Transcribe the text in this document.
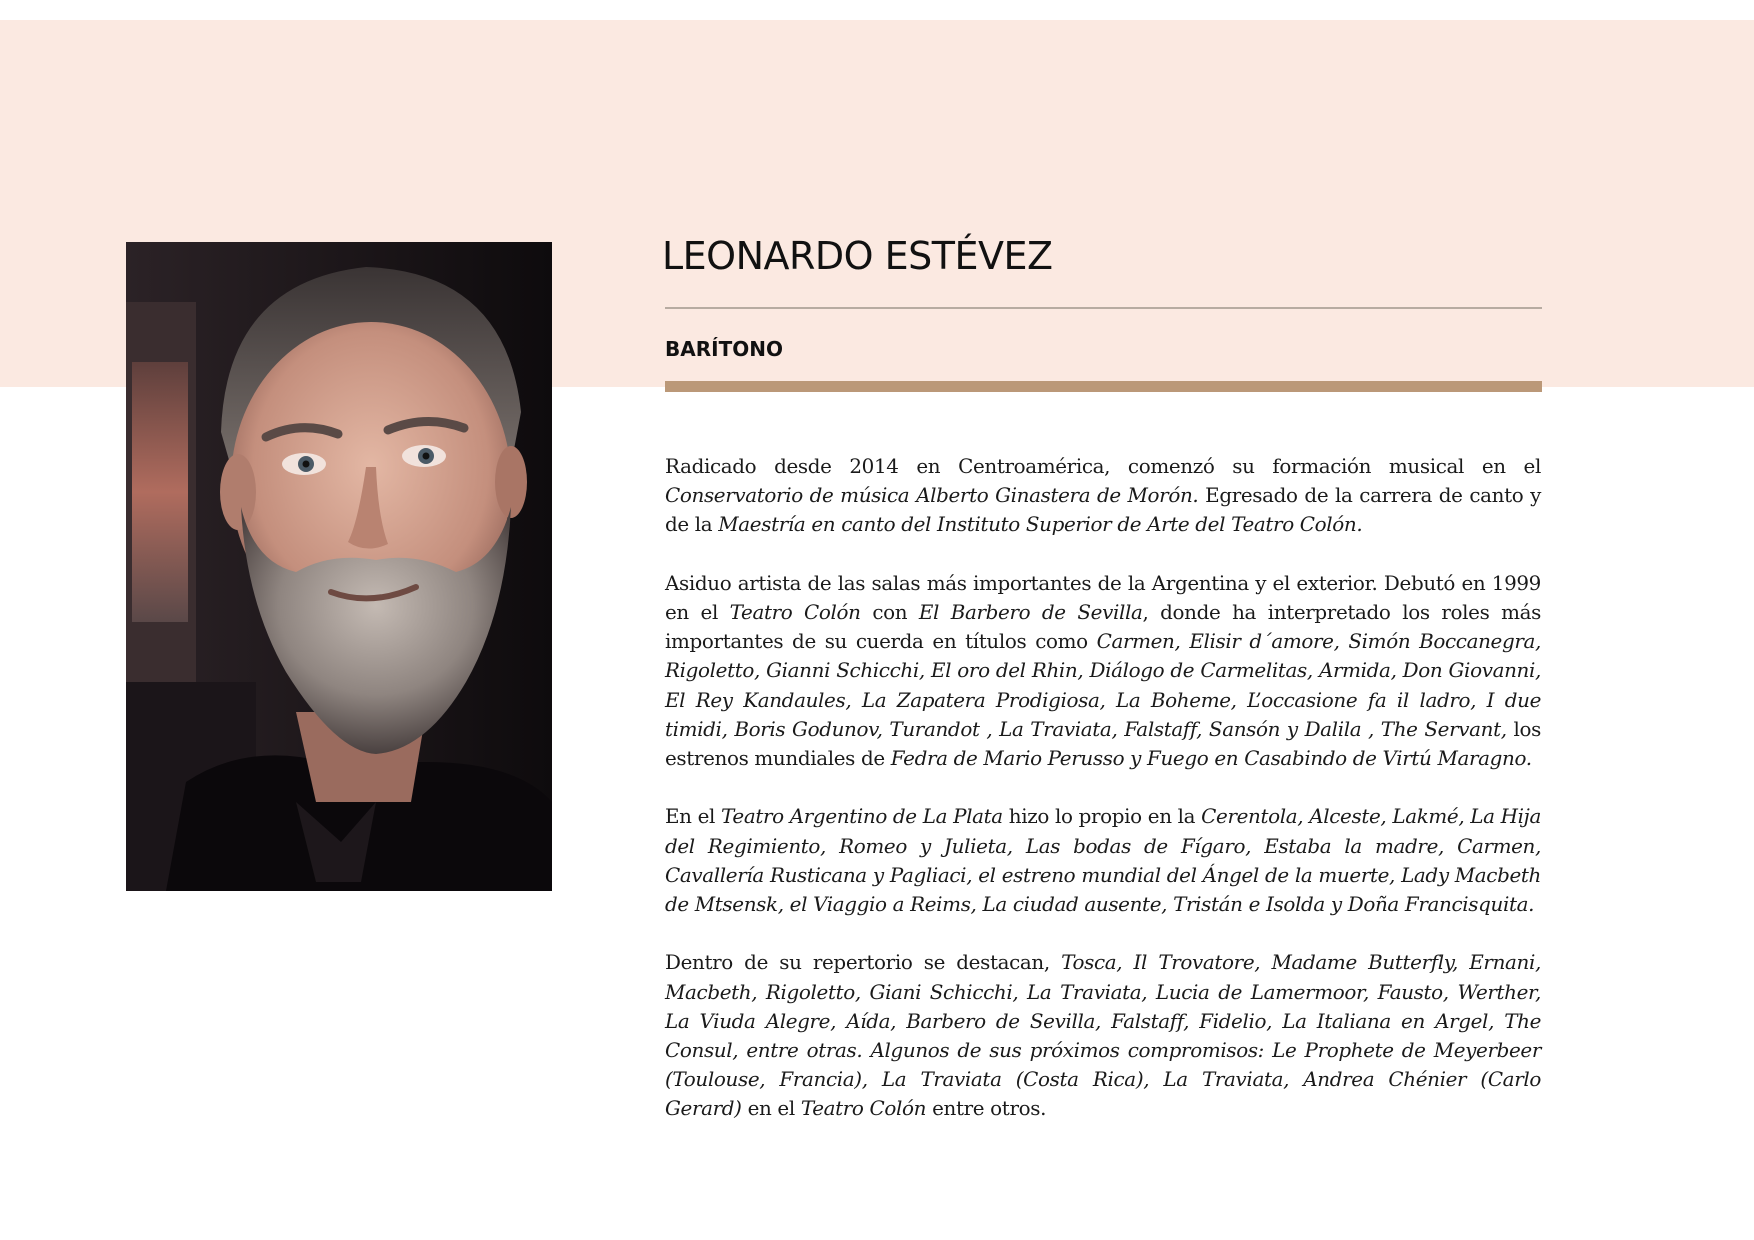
LEONARDO ESTÉVEZ
BARÍTONO

Radicado desde 2014 en Centroamérica, comenzó su formación musical en el Conservatorio de música Alberto Ginastera de Morón. Egresado de la carrera de canto y de la Maestría en canto del Instituto Superior de Arte del Teatro Colón.

Asiduo artista de las salas más importantes de la Argentina y el exterior. Debutó en 1999 en el Teatro Colón con El Barbero de Sevilla, donde ha interpretado los roles más importantes de su cuerda en títulos como Carmen, Elisir d´amore, Simón Boccanegra, Rigoletto, Gianni Schicchi, El oro del Rhin, Diálogo de Carmelitas, Armida, Don Giovanni, El Rey Kandaules, La Zapatera Prodigiosa, La Boheme, L’occasione fa il ladro, I due timidi, Boris Godunov, Turandot , La Traviata, Falstaff, Sansón y Dalila , The Servant, los estrenos mundiales de Fedra de Mario Perusso y Fuego en Casabindo de Virtú Maragno.

En el Teatro Argentino de La Plata hizo lo propio en la Cerentola, Alceste, Lakmé, La Hija del Regimiento, Romeo y Julieta, Las bodas de Fígaro, Estaba la madre, Carmen, Cavallería Rusticana y Pagliaci, el estreno mundial del Ángel de la muerte, Lady Macbeth de Mtsensk, el Viaggio a Reims, La ciudad ausente, Tristán e Isolda y Doña Francisquita.

Dentro de su repertorio se destacan, Tosca, Il Trovatore, Madame Butterfly, Ernani, Macbeth, Rigoletto, Giani Schicchi, La Traviata, Lucia de Lamermoor, Fausto, Werther, La Viuda Alegre, Aída, Barbero de Sevilla, Falstaff, Fidelio, La Italiana en Argel, The Consul, entre otras. Algunos de sus próximos compromisos: Le Prophete de Meyerbeer (Toulouse, Francia), La Traviata (Costa Rica), La Traviata, Andrea Chénier (Carlo Gerard) en el Teatro Colón entre otros.
